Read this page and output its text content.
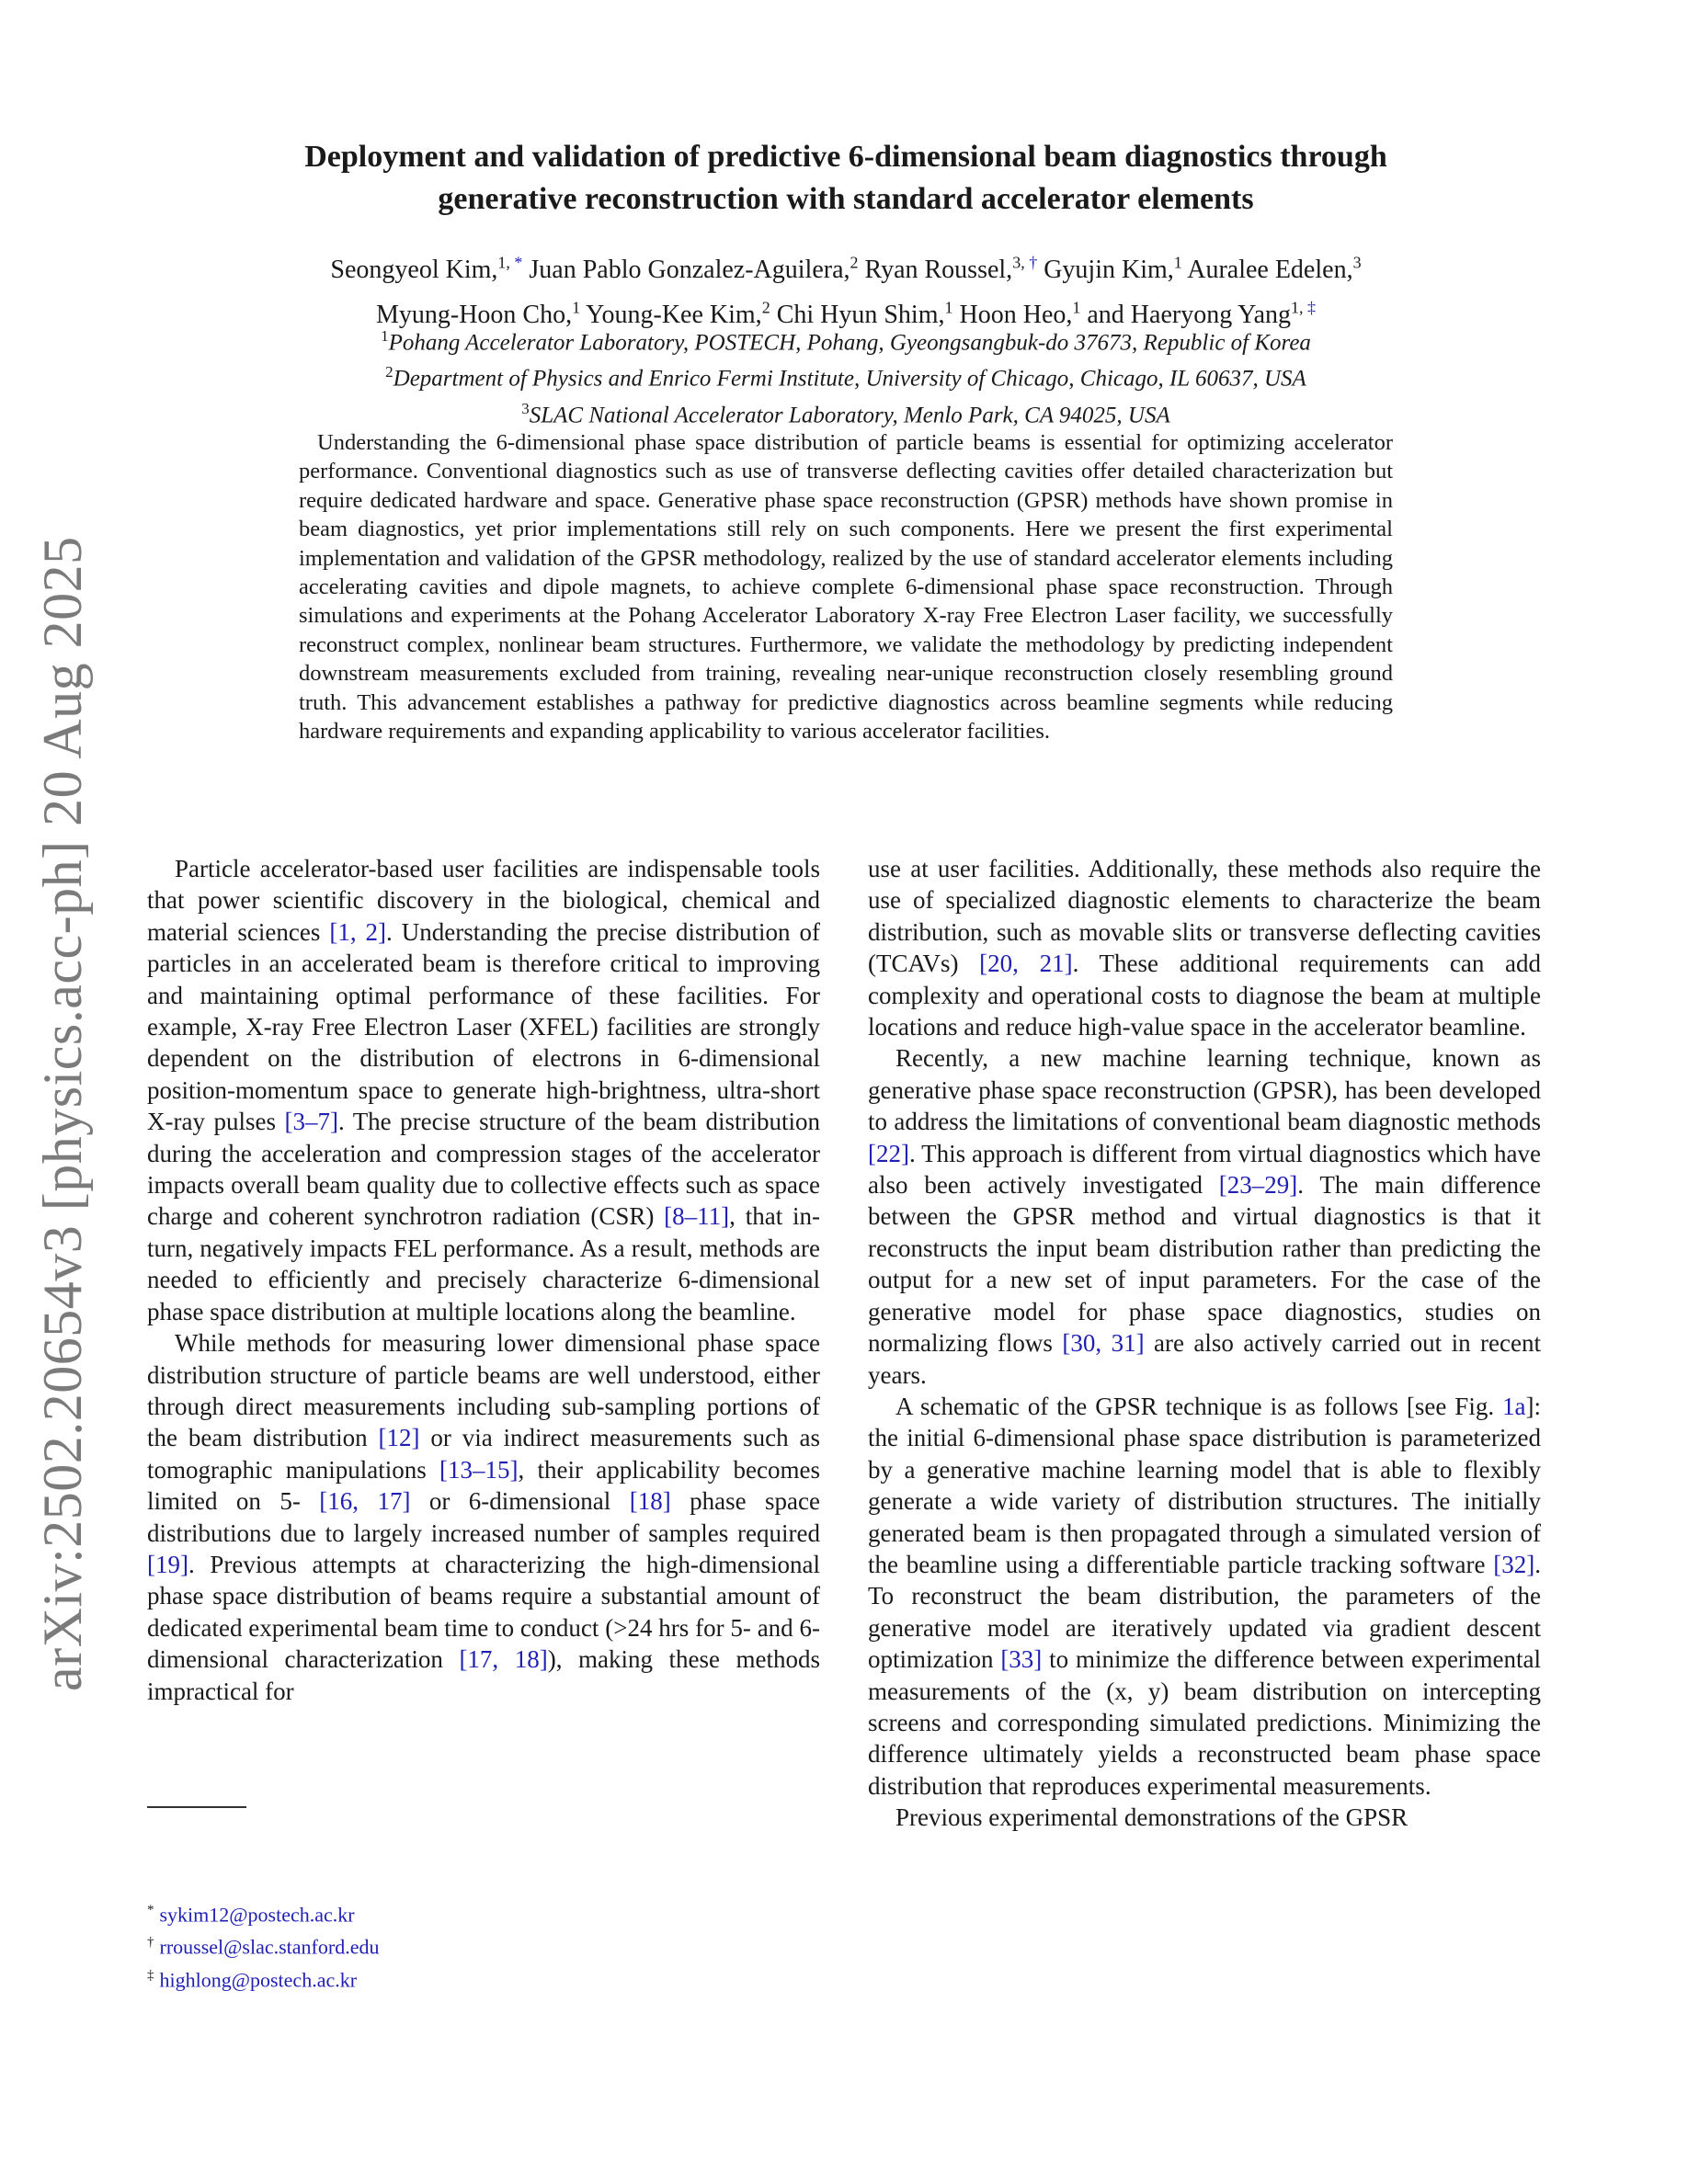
arXiv:2502.20654v3 [physics.acc-ph] 20 Aug 2025
Deployment and validation of predictive 6-dimensional beam diagnostics through
generative reconstruction with standard accelerator elements
Seongyeol Kim,$^{1, *}$ Juan Pablo Gonzalez-Aguilera,$^2$ Ryan Roussel,$^{3, \dagger}$ Gyujin Kim,$^1$ Auralee Edelen,$^3$
Myung-Hoon Cho,$^1$ Young-Kee Kim,$^2$ Chi Hyun Shim,$^1$ Hoon Heo,$^1$ and Haeryong Yang$^{1, \ddagger}$
$^1$Pohang Accelerator Laboratory, POSTECH, Pohang, Gyeongsangbuk-do 37673, Republic of Korea
$^2$Department of Physics and Enrico Fermi Institute, University of Chicago, Chicago, IL 60637, USA
$^3$SLAC National Accelerator Laboratory, Menlo Park, CA 94025, USA

Understanding the 6-dimensional phase space distribution of particle beams is essential for optimizing accelerator performance. Conventional diagnostics such as use of transverse deflecting cavities offer detailed characterization but require dedicated hardware and space. Generative phase space reconstruction (GPSR) methods have shown promise in beam diagnostics, yet prior implementations still rely on such components. Here we present the first experimental implementation and validation of the GPSR methodology, realized by the use of standard accelerator elements including accelerating cavities and dipole magnets, to achieve complete 6-dimensional phase space reconstruction. Through simulations and experiments at the Pohang Accelerator Laboratory X-ray Free Electron Laser facility, we successfully reconstruct complex, nonlinear beam structures. Furthermore, we validate the methodology by predicting independent downstream measurements excluded from training, revealing near-unique reconstruction closely resembling ground truth. This advancement establishes a pathway for predictive diagnostics across beamline segments while reducing hardware requirements and expanding applicability to various accelerator facilities.

Particle accelerator-based user facilities are indispensable tools that power scientific discovery in the biological, chemical and material sciences [1, 2]. Understanding the precise distribution of particles in an accelerated beam is therefore critical to improving and maintaining optimal performance of these facilities. For example, X-ray Free Electron Laser (XFEL) facilities are strongly dependent on the distribution of electrons in 6-dimensional position-momentum space to generate high-brightness, ultra-short X-ray pulses [3–7]. The precise structure of the beam distribution during the acceleration and compression stages of the accelerator impacts overall beam quality due to collective effects such as space charge and coherent synchrotron radiation (CSR) [8–11], that in-turn, negatively impacts FEL performance. As a result, methods are needed to efficiently and precisely characterize 6-dimensional phase space distribution at multiple locations along the beamline.

While methods for measuring lower dimensional phase space distribution structure of particle beams are well understood, either through direct measurements including sub-sampling portions of the beam distribution [12] or via indirect measurements such as tomographic manipulations [13–15], their applicability becomes limited on 5- [16, 17] or 6-dimensional [18] phase space distributions due to largely increased number of samples required [19]. Previous attempts at characterizing the high-dimensional phase space distribution of beams require a substantial amount of dedicated experimental beam time to conduct (>24 hrs for 5- and 6-dimensional characterization [17, 18]), making these methods impractical for

use at user facilities. Additionally, these methods also require the use of specialized diagnostic elements to characterize the beam distribution, such as movable slits or transverse deflecting cavities (TCAVs) [20, 21]. These additional requirements can add complexity and operational costs to diagnose the beam at multiple locations and reduce high-value space in the accelerator beamline.

Recently, a new machine learning technique, known as generative phase space reconstruction (GPSR), has been developed to address the limitations of conventional beam diagnostic methods [22]. This approach is different from virtual diagnostics which have also been actively investigated [23–29]. The main difference between the GPSR method and virtual diagnostics is that it reconstructs the input beam distribution rather than predicting the output for a new set of input parameters. For the case of the generative model for phase space diagnostics, studies on normalizing flows [30, 31] are also actively carried out in recent years.

A schematic of the GPSR technique is as follows [see Fig. 1a]: the initial 6-dimensional phase space distribution is parameterized by a generative machine learning model that is able to flexibly generate a wide variety of distribution structures. The initially generated beam is then propagated through a simulated version of the beamline using a differentiable particle tracking software [32]. To reconstruct the beam distribution, the parameters of the generative model are iteratively updated via gradient descent optimization [33] to minimize the difference between experimental measurements of the (x, y) beam distribution on intercepting screens and corresponding simulated predictions. Minimizing the difference ultimately yields a reconstructed beam phase space distribution that reproduces experimental measurements.

Previous experimental demonstrations of the GPSR

* sykim12@postech.ac.kr
† rroussel@slac.stanford.edu
‡ highlong@postech.ac.kr
